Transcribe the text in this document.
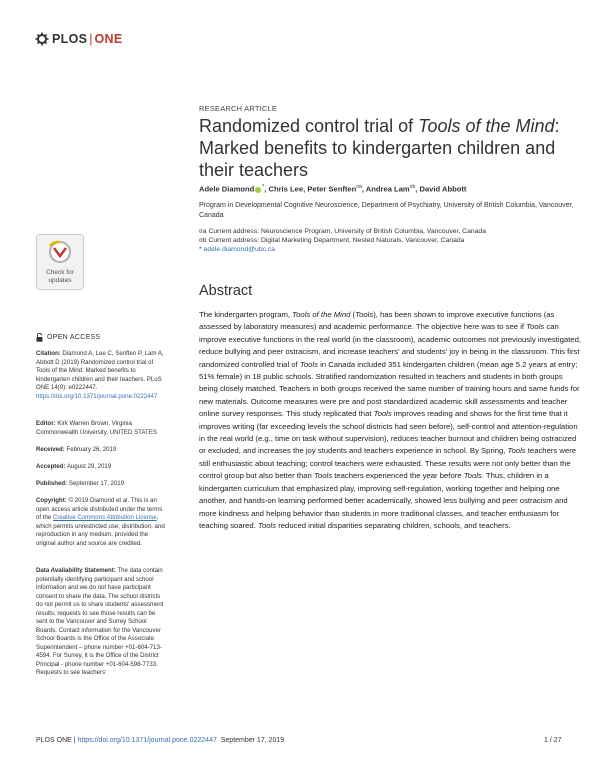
PLOS | ONE
RESEARCH ARTICLE
Randomized control trial of Tools of the Mind: Marked benefits to kindergarten children and their teachers
Adele Diamond *, Chris Lee, Peter Senften$^{¤a}$, Andrea Lam$^{¤b}$, David Abbott
Program in Developmental Cognitive Neuroscience, Department of Psychiatry, University of British Columbia, Vancouver, Canada
¤a Current address: Neuroscience Program, University of British Columbia, Vancouver, Canada
¤b Current address: Digital Marketing Department, Nested Naturals, Vancouver, Canada
* adele.diamond@ubc.ca
Check for
updates
Abstract
The kindergarten program, Tools of the Mind (Tools), has been shown to improve executive functions (as assessed by laboratory measures) and academic performance. The objective here was to see if Tools can improve executive functions in the real world (in the classroom), academic outcomes not previously investigated, reduce bullying and peer ostracism, and increase teachers' and students' joy in being in the classroom. This first randomized controlled trial of Tools in Canada included 351 kindergarten children (mean age 5.2 years at entry; 51% female) in 18 public schools. Stratified randomization resulted in teachers and students in both groups being closely matched. Teachers in both groups received the same number of training hours and same funds for new materials. Outcome measures were pre and post standardized academic skill assessments and teacher online survey responses. This study replicated that Tools improves reading and shows for the first time that it improves writing (far exceeding levels the school districts had seen before), self-control and attention-regulation in the real world (e.g., time on task without supervision), reduces teacher burnout and children being ostracized or excluded, and increases the joy students and teachers experience in school. By Spring, Tools teachers were still enthusiastic about teaching; control teachers were exhausted. These results were not only better than the control group but also better than Tools teachers experienced the year before Tools. Thus, children in a kindergarten curriculum that emphasized play, improving self-regulation, working together and helping one another, and hands-on learning performed better academically, showed less bullying and peer ostracism and more kindness and helping behavior than students in more traditional classes, and teacher enthusiasm for teaching soared. Tools reduced initial disparities separating children, schools, and teachers.
OPEN ACCESS
Citation: Diamond A, Lee C, Senften P, Lam A, Abbott D (2019) Randomized control trial of Tools of the Mind: Marked benefits to kindergarten children and their teachers. PLoS ONE 14(9): e0222447. https://doi.org/10.1371/journal.pone.0222447
Editor: Kirk Warren Brown, Virginia Commonwealth University, UNITED STATES
Received: February 26, 2019
Accepted: August 29, 2019
Published: September 17, 2019
Copyright: © 2019 Diamond et al. This is an open access article distributed under the terms of the Creative Commons Attribution License, which permits unrestricted use, distribution, and reproduction in any medium, provided the original author and source are credited.
Data Availability Statement: The data contain potentially identifying participant and school information and we do not have participant consent to share the data. The school districts do not permit us to share students' assessment results; requests to see those results can be sent to the Vancouver and Surrey School Boards. Contact information for the Vancouver School Boards is the Office of the Associate Superintendent – phone number +01-604-713-4594. For Surrey, it is the Office of the District Principal - phone number +01-604-598-7733. Requests to see teachers'
PLOS ONE | https://doi.org/10.1371/journal.pone.0222447 September 17, 2019	1 / 27
